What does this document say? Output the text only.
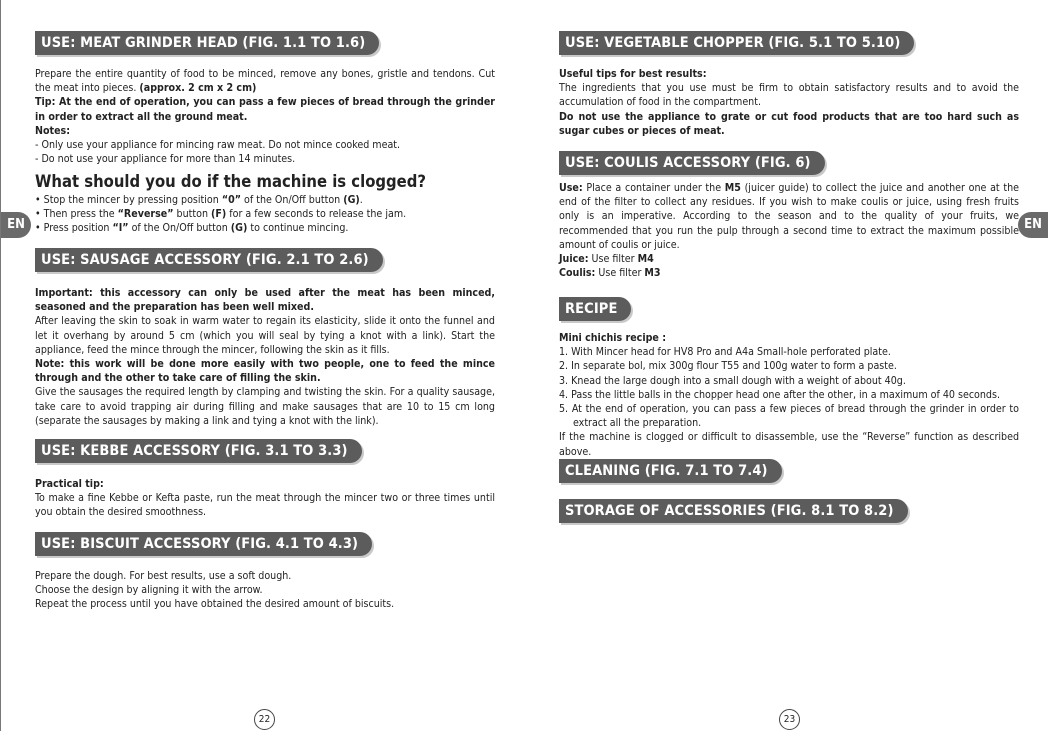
EN
USE: MEAT GRINDER HEAD (FIG. 1.1 TO 1.6)

Prepare the entire quantity of food to be minced, remove any bones, gristle and tendons. Cut the meat into pieces. (approx. 2 cm x 2 cm)

Tip: At the end of operation, you can pass a few pieces of bread through the grinder in order to extract all the ground meat.

Notes:

- Only use your appliance for mincing raw meat. Do not mince cooked meat.

- Do not use your appliance for more than 14 minutes.

What should you do if the machine is clogged?

• Stop the mincer by pressing position “0” of the On/Off button (G).

• Then press the “Reverse” button (F) for a few seconds to release the jam.

• Press position “I” of the On/Off button (G) to continue mincing.

USE: SAUSAGE ACCESSORY (FIG. 2.1 TO 2.6)

Important: this accessory can only be used after the meat has been minced, seasoned and the preparation has been well mixed.

After leaving the skin to soak in warm water to regain its elasticity, slide it onto the funnel and let it overhang by around 5 cm (which you will seal by tying a knot with a link). Start the appliance, feed the mince through the mincer, following the skin as it fills.

Note: this work will be done more easily with two people, one to feed the mince through and the other to take care of filling the skin.

Give the sausages the required length by clamping and twisting the skin. For a quality sausage, take care to avoid trapping air during filling and make sausages that are 10 to 15 cm long (separate the sausages by making a link and tying a knot with the link).

USE: KEBBE ACCESSORY (FIG. 3.1 TO 3.3)

Practical tip:

To make a fine Kebbe or Kefta paste, run the meat through the mincer two or three times until you obtain the desired smoothness.

USE: BISCUIT ACCESSORY (FIG. 4.1 TO 4.3)

Prepare the dough. For best results, use a soft dough.

Choose the design by aligning it with the arrow.

Repeat the process until you have obtained the desired amount of biscuits.

22
EN
USE: VEGETABLE CHOPPER (FIG. 5.1 TO 5.10)

Useful tips for best results:

The ingredients that you use must be firm to obtain satisfactory results and to avoid the accumulation of food in the compartment.

Do not use the appliance to grate or cut food products that are too hard such as sugar cubes or pieces of meat.

USE: COULIS ACCESSORY (FIG. 6)

Use: Place a container under the M5 (juicer guide) to collect the juice and another one at the end of the filter to collect any residues. If you wish to make coulis or juice, using fresh fruits only is an imperative. According to the season and to the quality of your fruits, we recommended that you run the pulp through a second time to extract the maximum possible amount of coulis or juice.

Juice: Use filter M4

Coulis: Use filter M3

RECIPE

Mini chichis recipe :

1. With Mincer head for HV8 Pro and A4a Small-hole perforated plate.

2. In separate bol, mix 300g flour T55 and 100g water to form a paste.

3. Knead the large dough into a small dough with a weight of about 40g.

4. Pass the little balls in the chopper head one after the other, in a maximum of 40 seconds.

5. At the end of operation, you can pass a few pieces of bread through the grinder in order to extract all the preparation.

If the machine is clogged or difficult to disassemble, use the “Reverse” function as described above.

CLEANING (FIG. 7.1 TO 7.4)
STORAGE OF ACCESSORIES (FIG. 8.1 TO 8.2)
23
